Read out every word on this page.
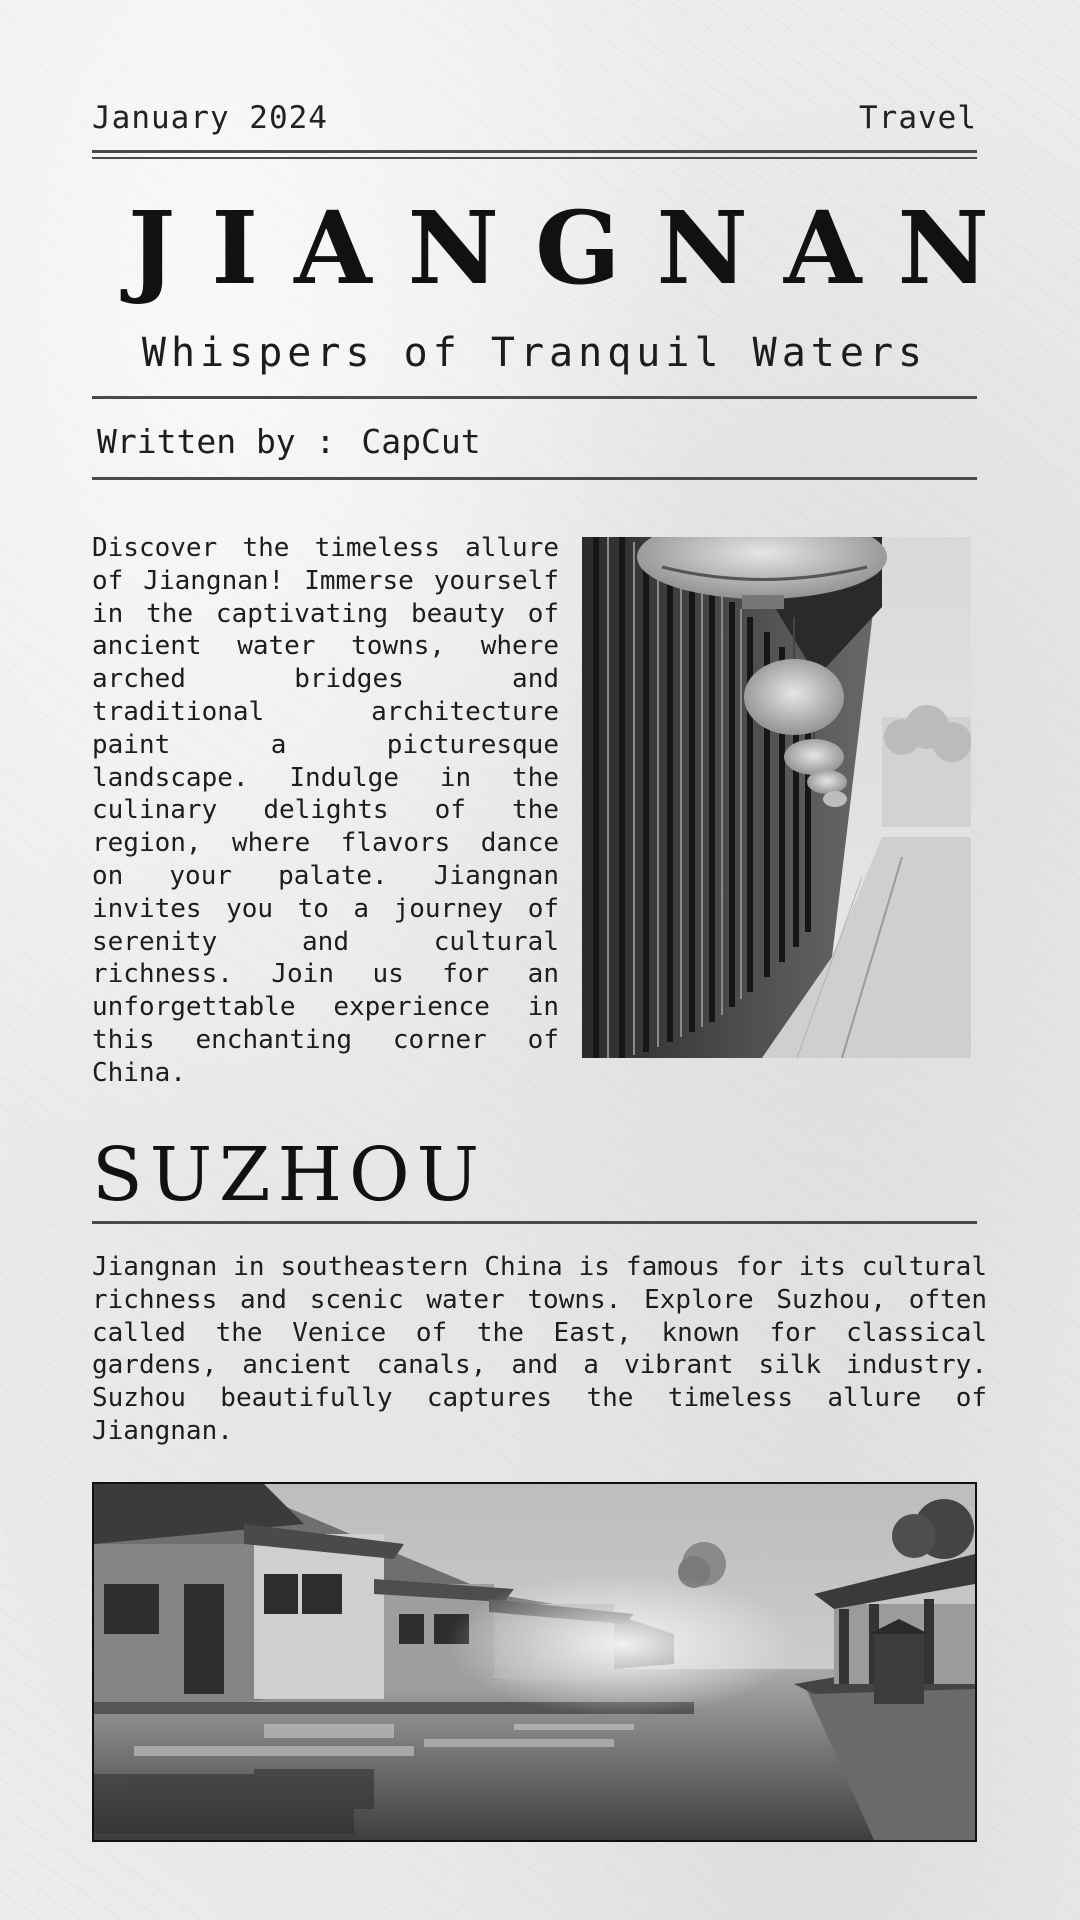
January 2024	Travel
JIANGNAN
Whispers of Tranquil Waters
Written by : CapCut
Discover the timeless allure of Jiangnan! Immerse yourself in the captivating beauty of ancient water towns, where arched bridges and traditional architecture paint a picturesque landscape. Indulge in the culinary delights of the region, where flavors dance on your palate. Jiangnan invites you to a journey of serenity and cultural richness. Join us for an unforgettable experience in this enchanting corner of China.
SUZHOU
Jiangnan in southeastern China is famous for its cultural richness and scenic water towns. Explore Suzhou, often called the Venice of the East, known for classical gardens, ancient canals, and a vibrant silk industry. Suzhou beautifully captures the timeless allure of Jiangnan.
